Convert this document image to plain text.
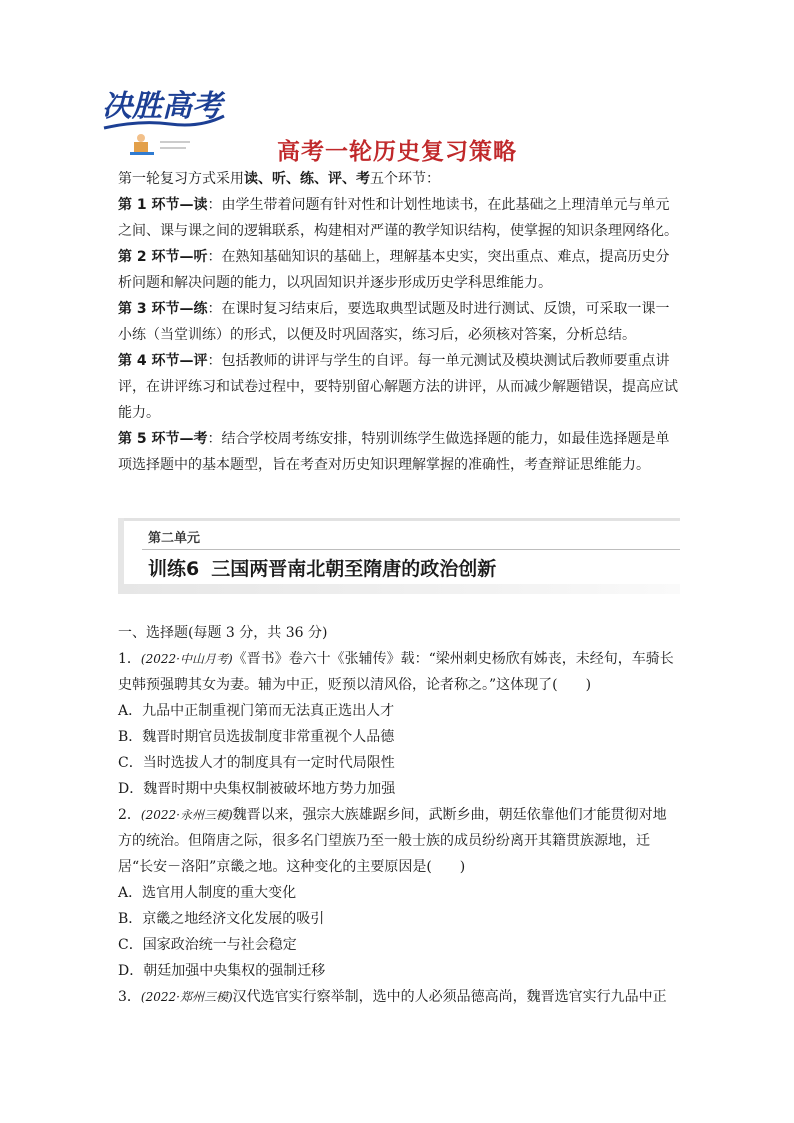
决胜高考
高考一轮历史复习策略

第一轮复习方式采用读、听、练、评、考五个环节：

第 1 环节—读：由学生带着问题有针对性和计划性地读书，在此基础之上理清单元与单元之间、课与课之间的逻辑联系，构建相对严谨的教学知识结构，使掌握的知识条理网络化。

第 2 环节—听：在熟知基础知识的基础上，理解基本史实，突出重点、难点，提高历史分析问题和解决问题的能力，以巩固知识并逐步形成历史学科思维能力。

第 3 环节—练：在课时复习结束后，要选取典型试题及时进行测试、反馈，可采取一课一小练（当堂训练）的形式，以便及时巩固落实，练习后，必须核对答案，分析总结。

第 4 环节—评：包括教师的讲评与学生的自评。每一单元测试及模块测试后教师要重点讲评，在讲评练习和试卷过程中，要特别留心解题方法的讲评，从而减少解题错误，提高应试能力。

第 5 环节—考：结合学校周考练安排，特别训练学生做选择题的能力，如最佳选择题是单项选择题中的基本题型，旨在考查对历史知识理解掌握的准确性，考查辩证思维能力。

第二单元
训练6 三国两晋南北朝至隋唐的政治创新

一、选择题(每题 3 分，共 36 分)

1．(2022·中山月考)《晋书》卷六十《张辅传》载：“梁州刺史杨欣有姊丧，未经旬，车骑长史韩预强聘其女为妻。辅为中正，贬预以清风俗，论者称之。”这体现了(　　)

A．九品中正制重视门第而无法真正选出人才

B．魏晋时期官员选拔制度非常重视个人品德

C．当时选拔人才的制度具有一定时代局限性

D．魏晋时期中央集权制被破坏地方势力加强

2．(2022·永州三模)魏晋以来，强宗大族雄踞乡间，武断乡曲，朝廷依靠他们才能贯彻对地方的统治。但隋唐之际，很多名门望族乃至一般士族的成员纷纷离开其籍贯族源地，迁居“长安－洛阳”京畿之地。这种变化的主要原因是(　　)

A．选官用人制度的重大变化

B．京畿之地经济文化发展的吸引

C．国家政治统一与社会稳定

D．朝廷加强中央集权的强制迁移

3．(2022·郑州三模)汉代选官实行察举制，选中的人必须品德高尚，魏晋选官实行九品中正
